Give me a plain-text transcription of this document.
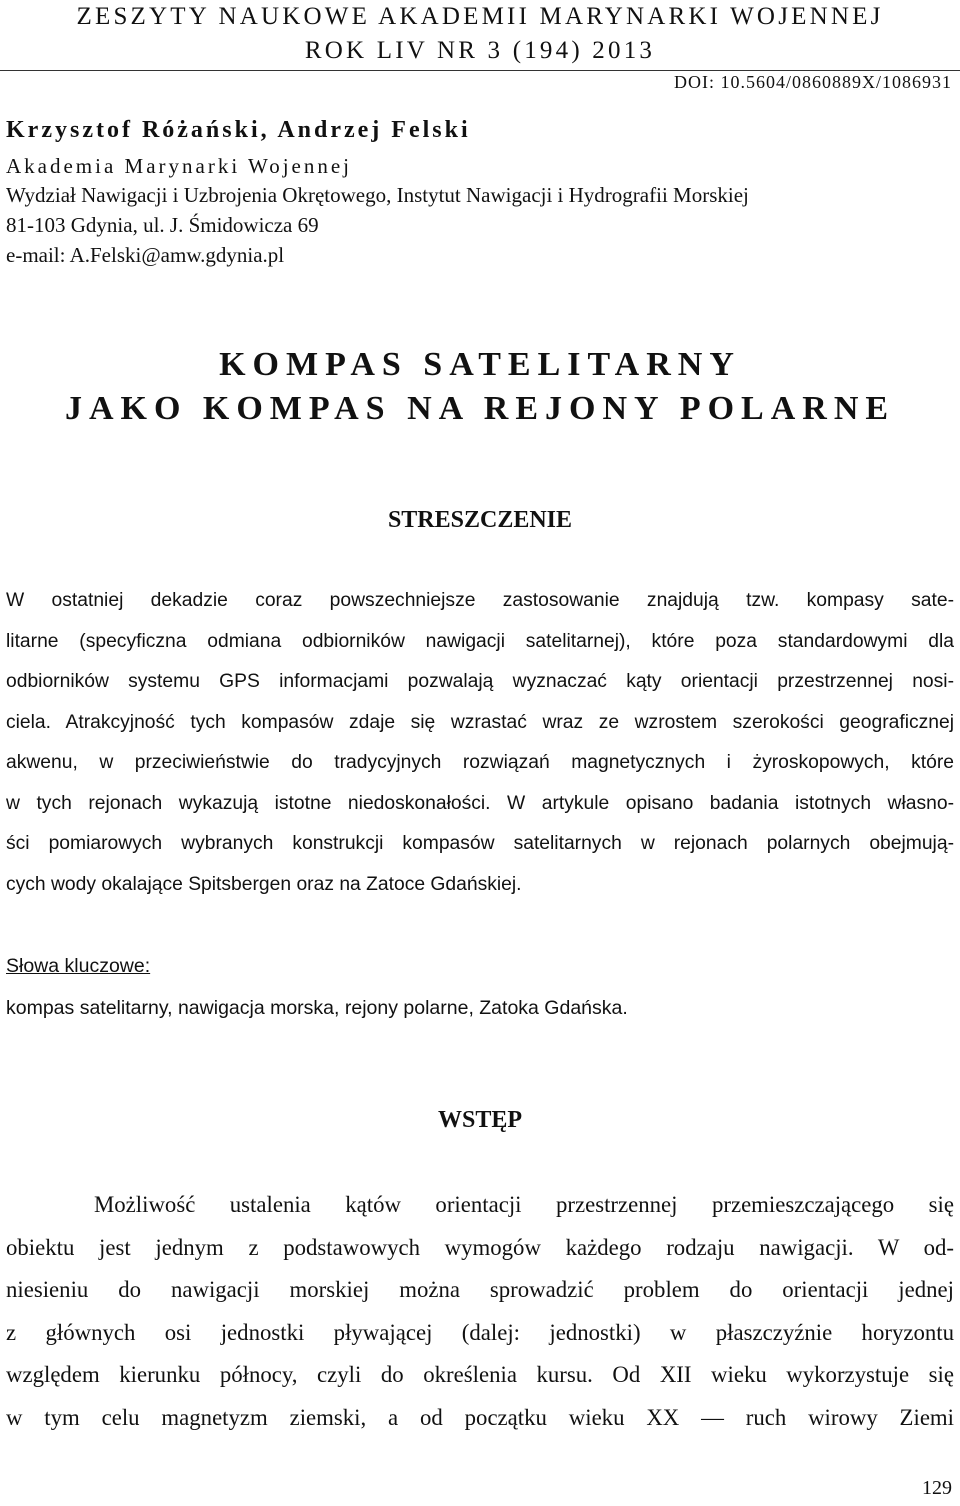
ZESZYTY NAUKOWE AKADEMII MARYNARKI WOJENNEJ
ROK LIV NR 3 (194) 2013
DOI: 10.5604/0860889X/1086931
Krzysztof Różański, Andrzej Felski
Akademia Marynarki Wojennej
Wydział Nawigacji i Uzbrojenia Okrętowego, Instytut Nawigacji i Hydrografii Morskiej
81-103 Gdynia, ul. J. Śmidowicza 69
e-mail: A.Felski@amw.gdynia.pl
KOMPAS SATELITARNY
JAKO KOMPAS NA REJONY POLARNE
STRESZCZENIE
W ostatniej dekadzie coraz powszechniejsze zastosowanie znajdują tzw. kompasy sate-
litarne (specyficzna odmiana odbiorników nawigacji satelitarnej), które poza standardowymi dla
odbiorników systemu GPS informacjami pozwalają wyznaczać kąty orientacji przestrzennej nosi-
ciela. Atrakcyjność tych kompasów zdaje się wzrastać wraz ze wzrostem szerokości geograficznej
akwenu, w przeciwieństwie do tradycyjnych rozwiązań magnetycznych i żyroskopowych, które
w tych rejonach wykazują istotne niedoskonałości. W artykule opisano badania istotnych własno-
ści pomiarowych wybranych konstrukcji kompasów satelitarnych w rejonach polarnych obejmują-
cych wody okalające Spitsbergen oraz na Zatoce Gdańskiej.
Słowa kluczowe:
kompas satelitarny, nawigacja morska, rejony polarne, Zatoka Gdańska.
WSTĘP
Możliwość ustalenia kątów orientacji przestrzennej przemieszczającego się
obiektu jest jednym z podstawowych wymogów każdego rodzaju nawigacji. W od-
niesieniu do nawigacji morskiej można sprowadzić problem do orientacji jednej
z głównych osi jednostki pływającej (dalej: jednostki) w płaszczyźnie horyzontu
względem kierunku północy, czyli do określenia kursu. Od XII wieku wykorzystuje się
w tym celu magnetyzm ziemski, a od początku wieku XX — ruch wirowy Ziemi
129
